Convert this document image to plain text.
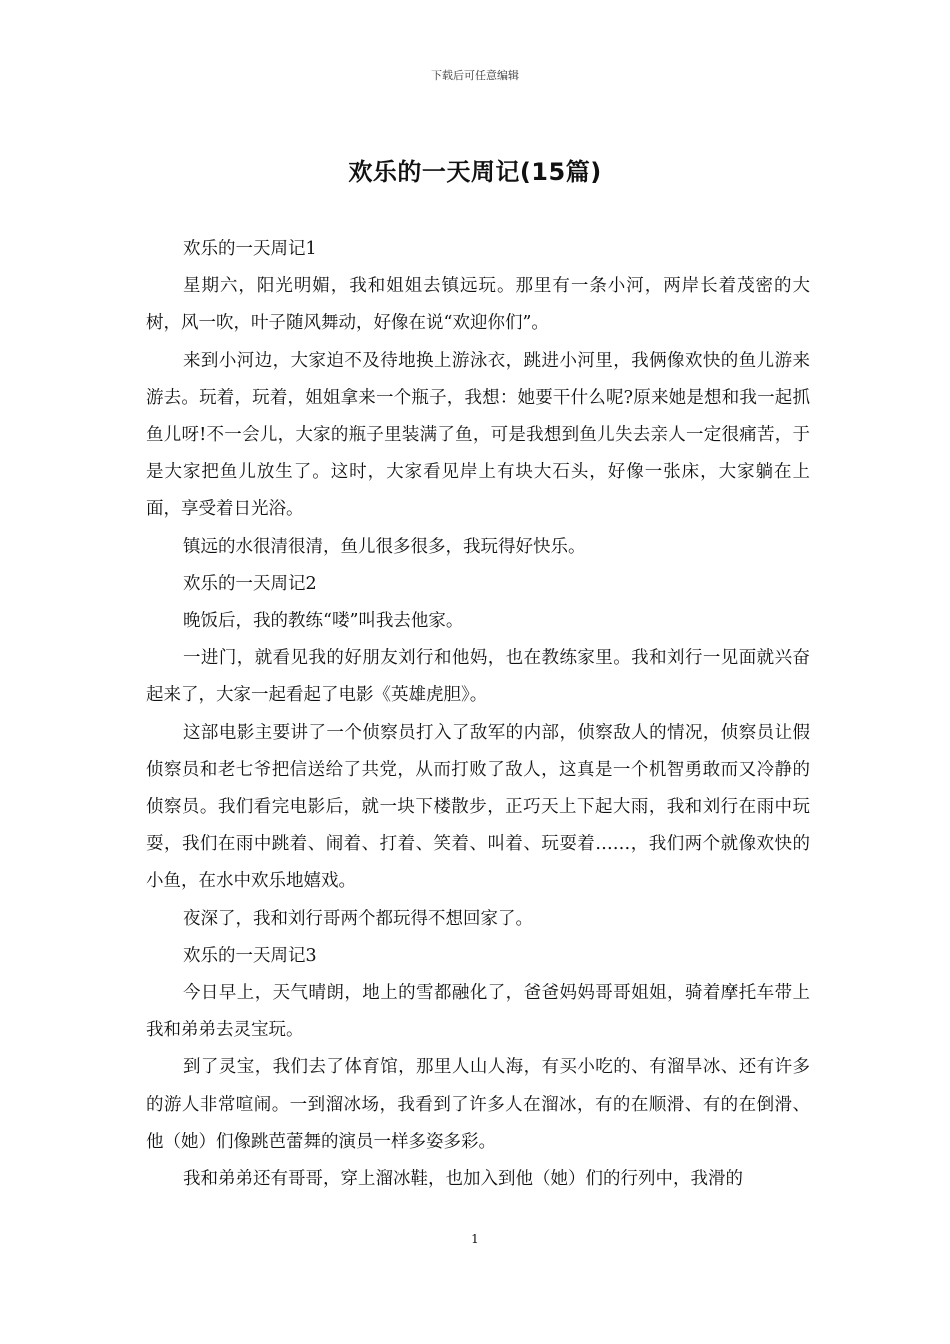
下载后可任意编辑
欢乐的一天周记(15篇)

欢乐的一天周记1

星期六，阳光明媚，我和姐姐去镇远玩。那里有一条小河，两岸长着茂密的大树，风一吹，叶子随风舞动，好像在说“欢迎你们”。

来到小河边，大家迫不及待地换上游泳衣，跳进小河里，我俩像欢快的鱼儿游来游去。玩着，玩着，姐姐拿来一个瓶子，我想：她要干什么呢?原来她是想和我一起抓鱼儿呀!不一会儿，大家的瓶子里装满了鱼，可是我想到鱼儿失去亲人一定很痛苦，于是大家把鱼儿放生了。这时，大家看见岸上有块大石头，好像一张床，大家躺在上面，享受着日光浴。

镇远的水很清很清，鱼儿很多很多，我玩得好快乐。

欢乐的一天周记2

晚饭后，我的教练“喽”叫我去他家。

一进门，就看见我的好朋友刘行和他妈，也在教练家里。我和刘行一见面就兴奋起来了，大家一起看起了电影《英雄虎胆》。

这部电影主要讲了一个侦察员打入了敌军的内部，侦察敌人的情况，侦察员让假侦察员和老七爷把信送给了共党，从而打败了敌人，这真是一个机智勇敢而又冷静的侦察员。我们看完电影后，就一块下楼散步，正巧天上下起大雨，我和刘行在雨中玩耍，我们在雨中跳着、闹着、打着、笑着、叫着、玩耍着……，我们两个就像欢快的小鱼，在水中欢乐地嬉戏。

夜深了，我和刘行哥两个都玩得不想回家了。

欢乐的一天周记3

今日早上，天气晴朗，地上的雪都融化了，爸爸妈妈哥哥姐姐，骑着摩托车带上我和弟弟去灵宝玩。

到了灵宝，我们去了体育馆，那里人山人海，有买小吃的、有溜旱冰、还有许多的游人非常喧闹。一到溜冰场，我看到了许多人在溜冰，有的在顺滑、有的在倒滑、他（她）们像跳芭蕾舞的演员一样多姿多彩。

我和弟弟还有哥哥，穿上溜冰鞋，也加入到他（她）们的行列中，我滑的

1
